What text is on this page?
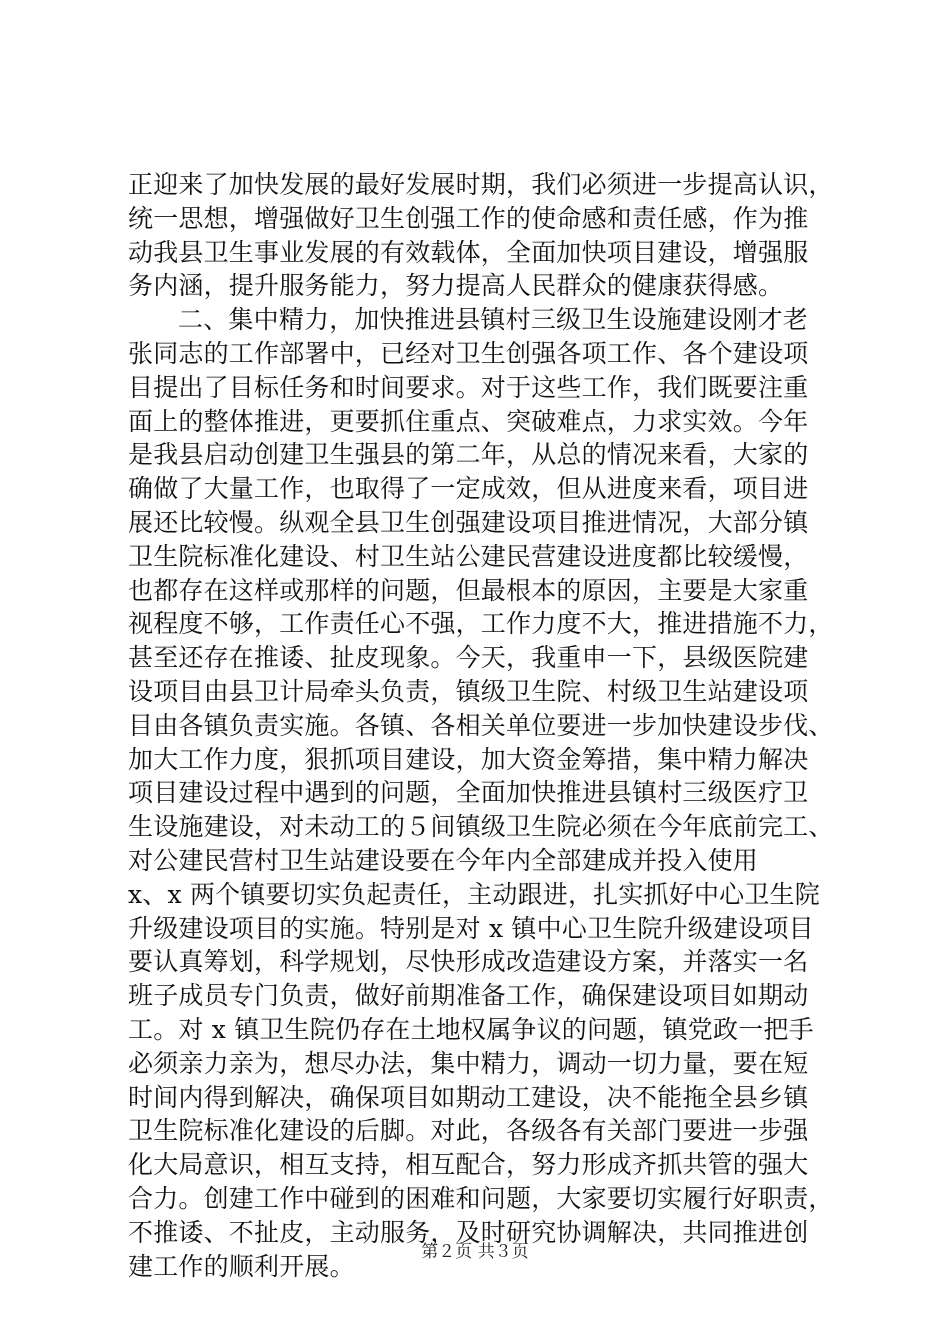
正迎来了加快发展的最好发展时期，我们必须进一步提高认识，
统一思想，增强做好卫生创强工作的使命感和责任感，作为推
动我县卫生事业发展的有效载体，全面加快项目建设，增强服
务内涵，提升服务能力，努力提高人民群众的健康获得感。
二、集中精力，加快推进县镇村三级卫生设施建设刚才老
张同志的工作部署中，已经对卫生创强各项工作、各个建设项
目提出了目标任务和时间要求。对于这些工作，我们既要注重
面上的整体推进，更要抓住重点、突破难点，力求实效。今年
是我县启动创建卫生强县的第二年，从总的情况来看，大家的
确做了大量工作，也取得了一定成效，但从进度来看，项目进
展还比较慢。纵观全县卫生创强建设项目推进情况，大部分镇
卫生院标准化建设、村卫生站公建民营建设进度都比较缓慢，
也都存在这样或那样的问题，但最根本的原因，主要是大家重
视程度不够，工作责任心不强，工作力度不大，推进措施不力，
甚至还存在推诿、扯皮现象。今天，我重申一下，县级医院建
设项目由县卫计局牵头负责，镇级卫生院、村级卫生站建设项
目由各镇负责实施。各镇、各相关单位要进一步加快建设步伐、
加大工作力度，狠抓项目建设，加大资金筹措，集中精力解决
项目建设过程中遇到的问题，全面加快推进县镇村三级医疗卫
生设施建设，对未动工的５间镇级卫生院必须在今年底前完工、
对公建民营村卫生站建设要在今年内全部建成并投入使用
x、x 两个镇要切实负起责任，主动跟进，扎实抓好中心卫生院
升级建设项目的实施。特别是对 x 镇中心卫生院升级建设项目
要认真筹划，科学规划，尽快形成改造建设方案，并落实一名
班子成员专门负责，做好前期准备工作，确保建设项目如期动
工。对 x 镇卫生院仍存在土地权属争议的问题，镇党政一把手
必须亲力亲为，想尽办法，集中精力，调动一切力量，要在短
时间内得到解决，确保项目如期动工建设，决不能拖全县乡镇
卫生院标准化建设的后脚。对此，各级各有关部门要进一步强
化大局意识，相互支持，相互配合，努力形成齐抓共管的强大
合力。创建工作中碰到的困难和问题，大家要切实履行好职责，
不推诿、不扯皮，主动服务，及时研究协调解决，共同推进创
建工作的顺利开展。	第２页 共３页
